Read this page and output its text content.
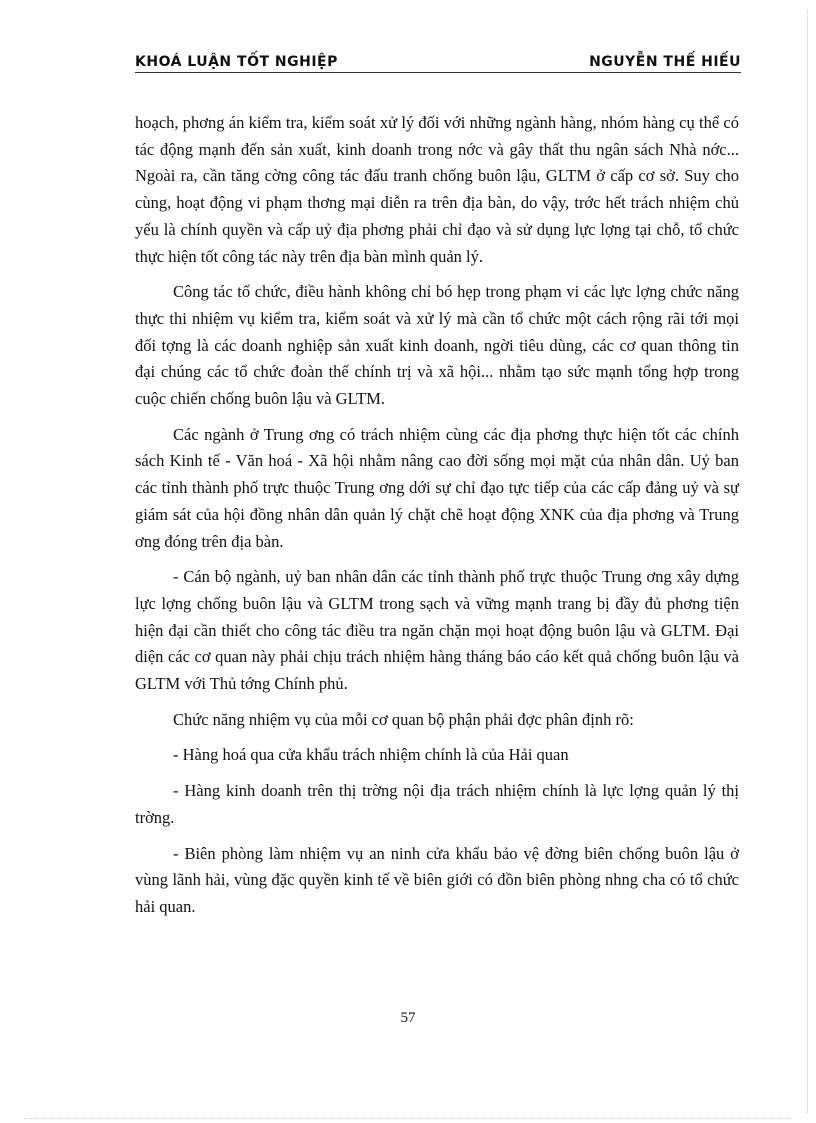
KHOÁ LUẬN TỐT NGHIỆP	NGUYỄN THẾ HIẾU

hoạch, phơng án kiểm tra, kiểm soát xử lý đối với những ngành hàng, nhóm hàng cụ thể có tác động mạnh đến sản xuất, kinh doanh trong nớc và gây thất thu ngân sách Nhà nớc... Ngoài ra, cần tăng cờng công tác đấu tranh chống buôn lậu, GLTM ở cấp cơ sở. Suy cho cùng, hoạt động vi phạm thơng mại diễn ra trên địa bàn, do vậy, trớc hết trách nhiệm chủ yếu là chính quyền và cấp uỷ địa phơng phải chỉ đạo và sử dụng lực lợng tại chỗ, tổ chức thực hiện tốt công tác này trên địa bàn mình quản lý.

Công tác tổ chức, điều hành không chỉ bó hẹp trong phạm vi các lực lợng chức năng thực thi nhiệm vụ kiểm tra, kiểm soát và xử lý mà cần tổ chức một cách rộng rãi tới mọi đối tợng là các doanh nghiệp sản xuất kinh doanh, ngời tiêu dùng, các cơ quan thông tin đại chúng các tổ chức đoàn thể chính trị và xã hội... nhằm tạo sức mạnh tổng hợp trong cuộc chiến chống buôn lậu và GLTM.

Các ngành ở Trung ơng có trách nhiệm cùng các địa phơng thực hiện tốt các chính sách Kinh tế - Văn hoá - Xã hội nhằm nâng cao đời sống mọi mặt của nhân dân. Uỷ ban các tỉnh thành phố trực thuộc Trung ơng dới sự chỉ đạo tực tiếp của các cấp đảng uỷ và sự giám sát của hội đồng nhân dân quản lý chặt chẽ hoạt động XNK của địa phơng và Trung ơng đóng trên địa bàn.

- Cán bộ ngành, uỷ ban nhân dân các tỉnh thành phố trực thuộc Trung ơng xây dựng lực lợng chống buôn lậu và GLTM trong sạch và vững mạnh trang bị đầy đủ phơng tiện hiện đại cần thiết cho công tác điều tra ngăn chặn mọi hoạt động buôn lậu và GLTM. Đại diện các cơ quan này phải chịu trách nhiệm hàng tháng báo cáo kết quả chống buôn lậu và GLTM với Thủ tớng Chính phủ.

Chức năng nhiệm vụ của mỗi cơ quan bộ phận phải đợc phân định rõ:

- Hàng hoá qua cửa khẩu trách nhiệm chính là của Hải quan

- Hàng kinh doanh trên thị trờng nội địa trách nhiệm chính là lực lợng quản lý thị trờng.

- Biên phòng làm nhiệm vụ an ninh cửa khẩu bảo vệ đờng biên chống buôn lậu ở vùng lãnh hải, vùng đặc quyền kinh tế về biên giới có đồn biên phòng nhng cha có tổ chức hải quan.

57
